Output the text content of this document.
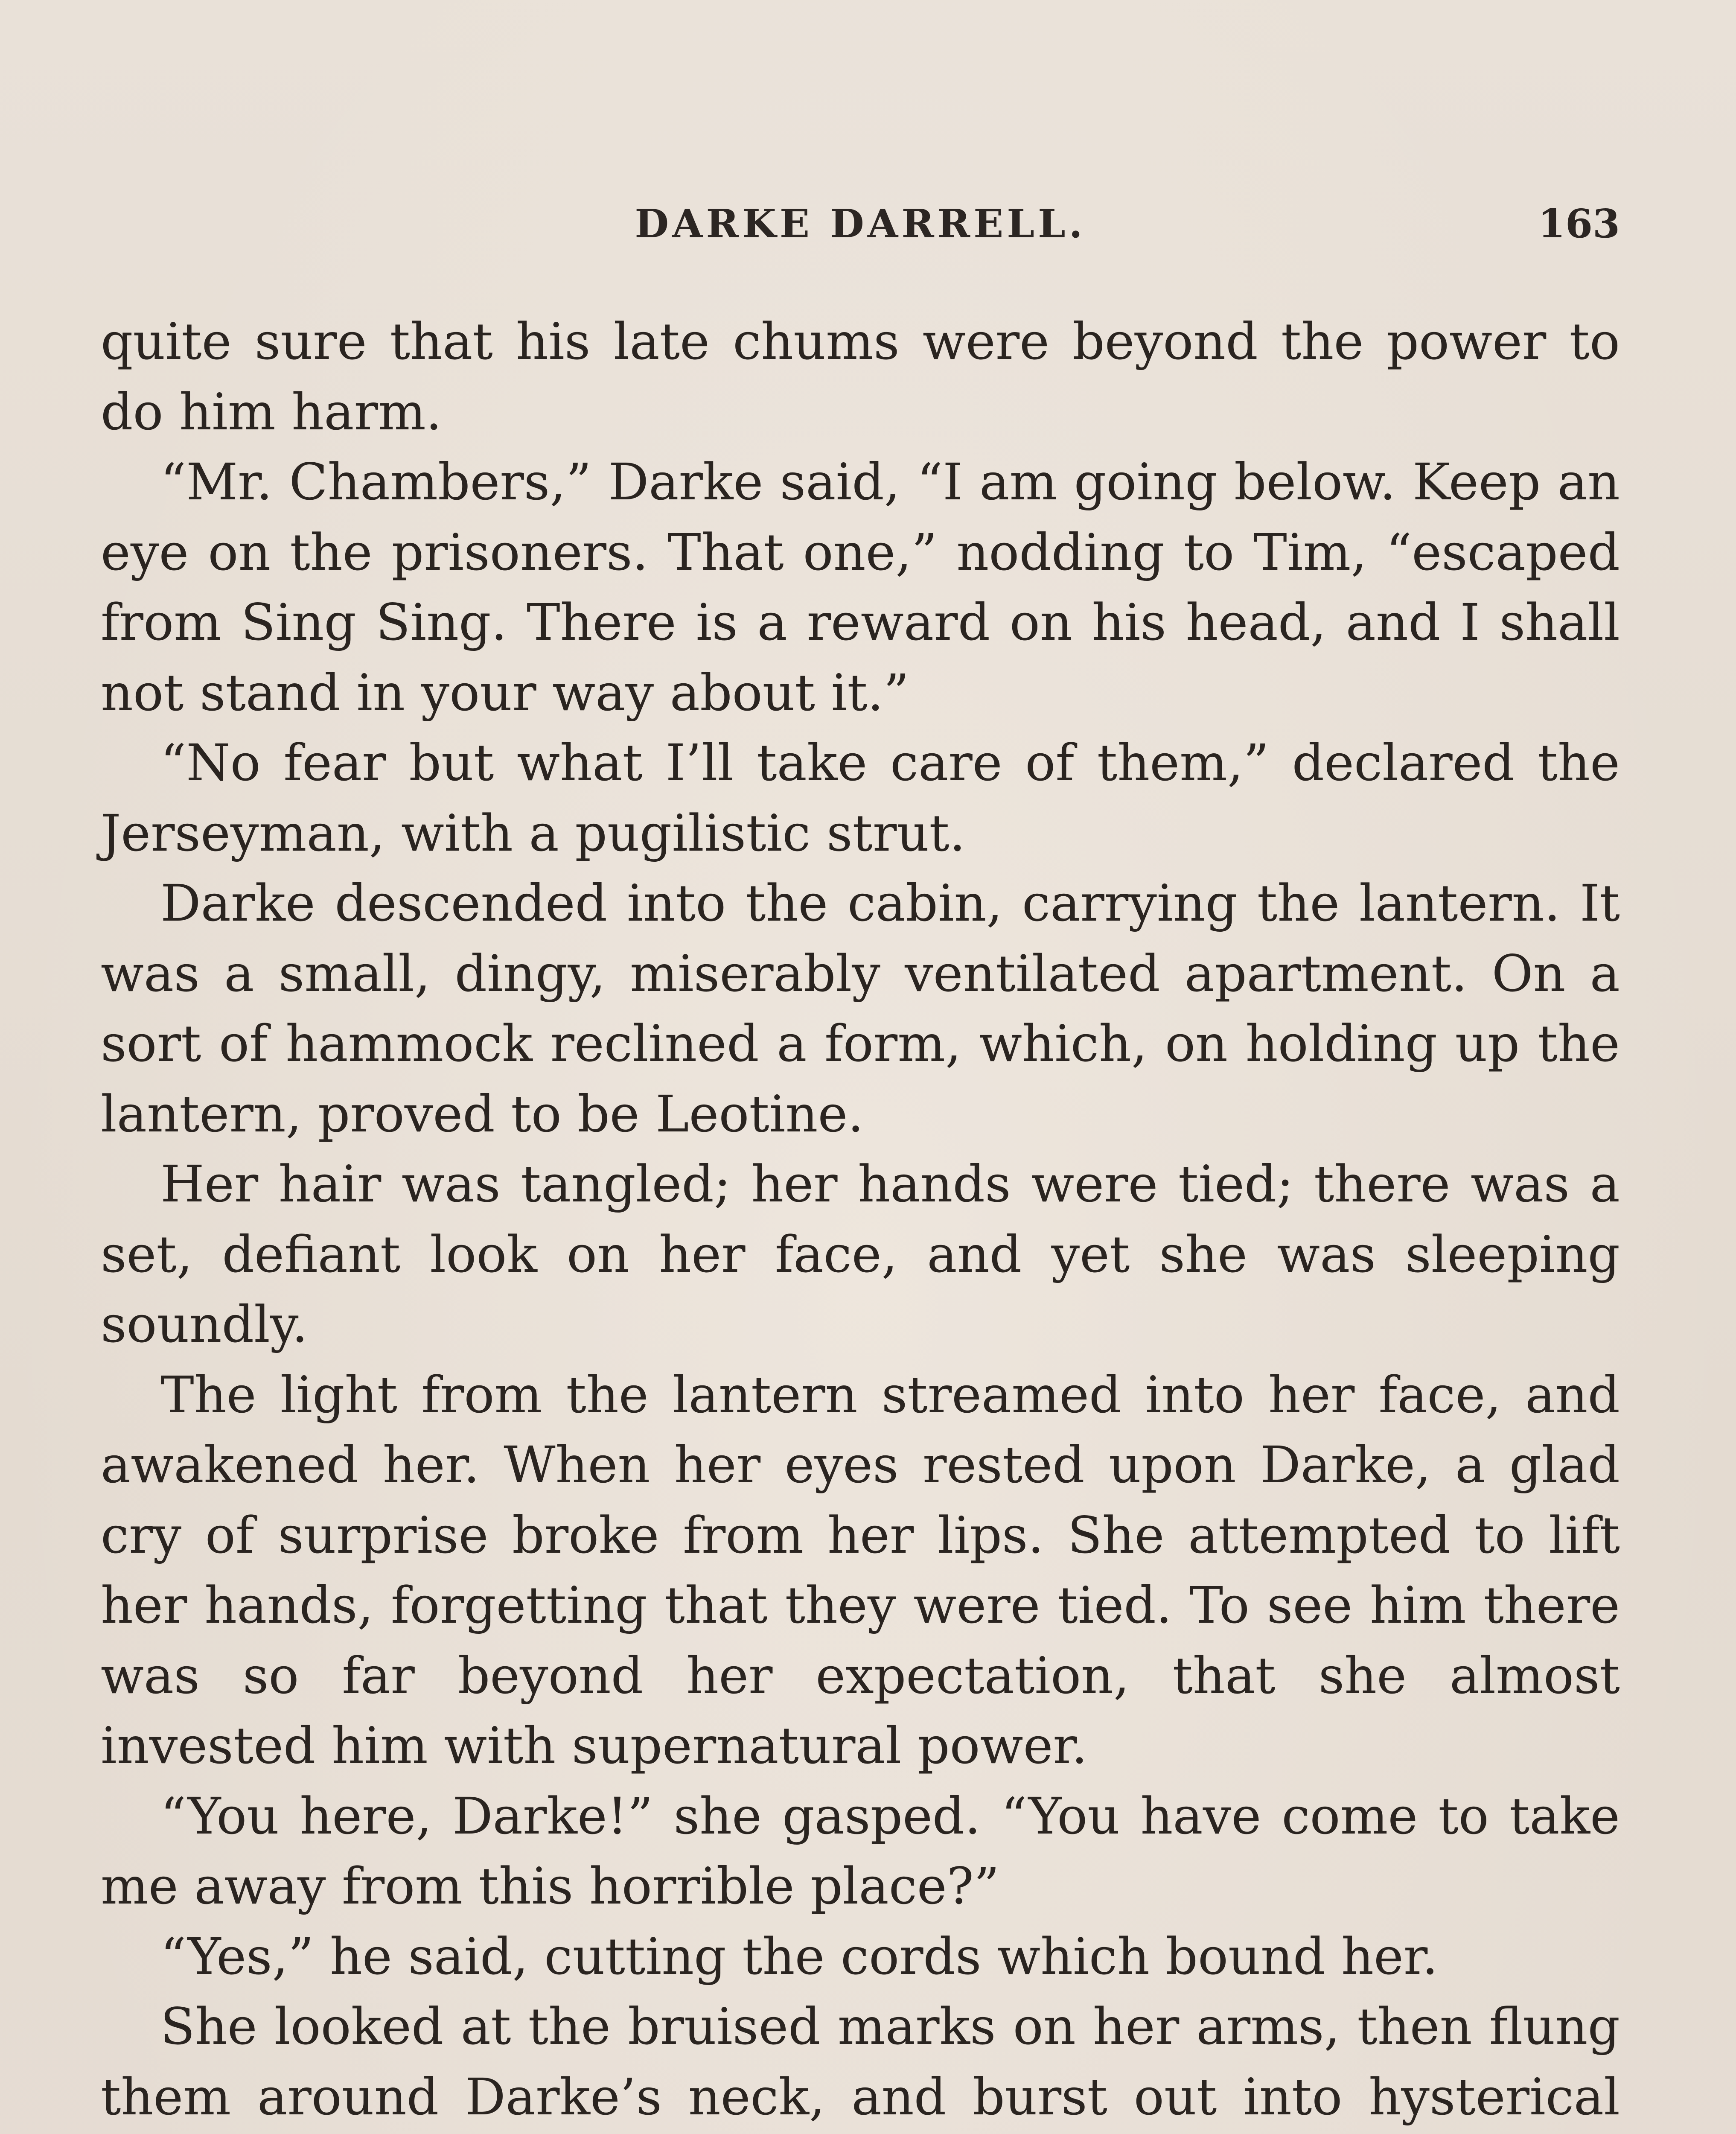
DARKE DARRELL.	163

quite sure that his late chums were beyond the power to do him harm.

“Mr. Chambers,” Darke said, “I am going below. Keep an eye on the prisoners. That one,” nodding to Tim, “escaped from Sing Sing. There is a reward on his head, and I shall not stand in your way about it.”

“No fear but what I’ll take care of them,” declared the Jerseyman, with a pugilistic strut.

Darke descended into the cabin, carrying the lantern. It was a small, dingy, miserably ventilated apartment. On a sort of hammock reclined a form, which, on holding up the lantern, proved to be Leotine.

Her hair was tangled; her hands were tied; there was a set, defiant look on her face, and yet she was sleeping soundly.

The light from the lantern streamed into her face, and awakened her. When her eyes rested upon Darke, a glad cry of surprise broke from her lips. She attempted to lift her hands, forgetting that they were tied. To see him there was so far beyond her expectation, that she almost invested him with supernatural power.

“You here, Darke!” she gasped. “You have come to take me away from this horrible place?”

“Yes,” he said, cutting the cords which bound her.

She looked at the bruised marks on her arms, then flung them around Darke’s neck, and burst out into hysterical
